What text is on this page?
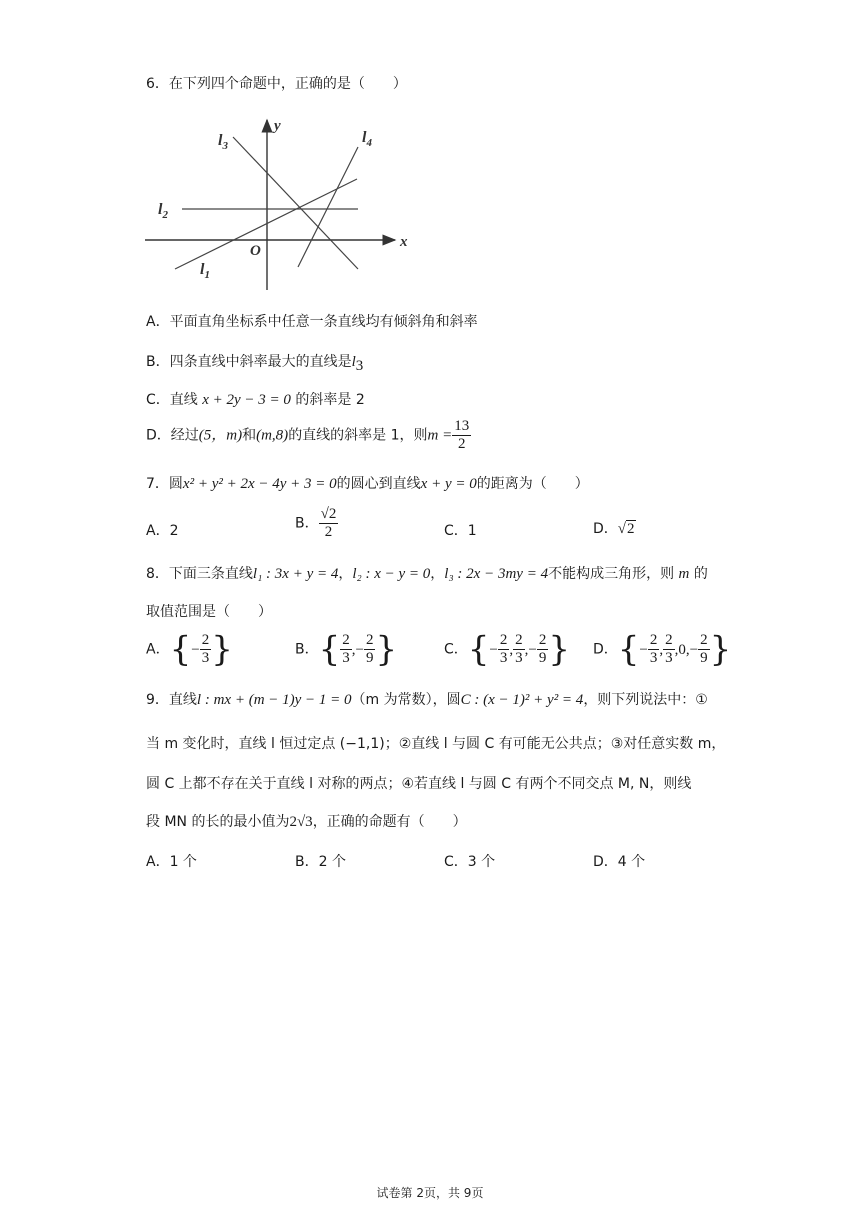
6．在下列四个命题中，正确的是（　　）
y
x
O
$l_3$
$l_2$
$l_1$
$l_4$
A．平面直角坐标系中任意一条直线均有倾斜角和斜率
B．四条直线中斜率最大的直线是$l_3$
C．直线 x + 2y − 3 = 0 的斜率是 2
D．经过(5，m)和(m,8)的直线的斜率是 1，则$m = \frac{13}{2}$
7．圆x² + y² + 2x − 4y + 3 = 0的圆心到直线x + y = 0的距离为（　　）
A．2	B． $\frac{√2}{2}$	C．1	D．√2
8．下面三条直线l₁ : 3x + y = 4，l₂ : x − y = 0，l₃ : 2x − 3my = 4不能构成三角形，则 m 的
取值范围是（　　）
A．{− $\frac{2}{3}$ }	B．{ $\frac{2}{3}$ ,− $\frac{2}{9}$ }	C．{− $\frac{2}{3}$ , $\frac{2}{3}$ ,− $\frac{2}{9}$ } D．{− $\frac{2}{3}$ , $\frac{2}{3} ,0,- \frac{2}{9}$ }
9．直线l : mx + (m − 1)y − 1 = 0（m 为常数），圆C : (x − 1)² + y² = 4，则下列说法中：①
当 m 变化时，直线 l 恒过定点 (−1,1)；②直线 l 与圆 C 有可能无公共点；③对任意实数 m，
圆 C 上都不存在关于直线 l 对称的两点；④若直线 l 与圆 C 有两个不同交点 M, N，则线
段 MN 的长的最小值为2√3，正确的命题有（　　）
A．1 个	B．2 个	C．3 个	D．4 个
试卷第 2页，共 9页
